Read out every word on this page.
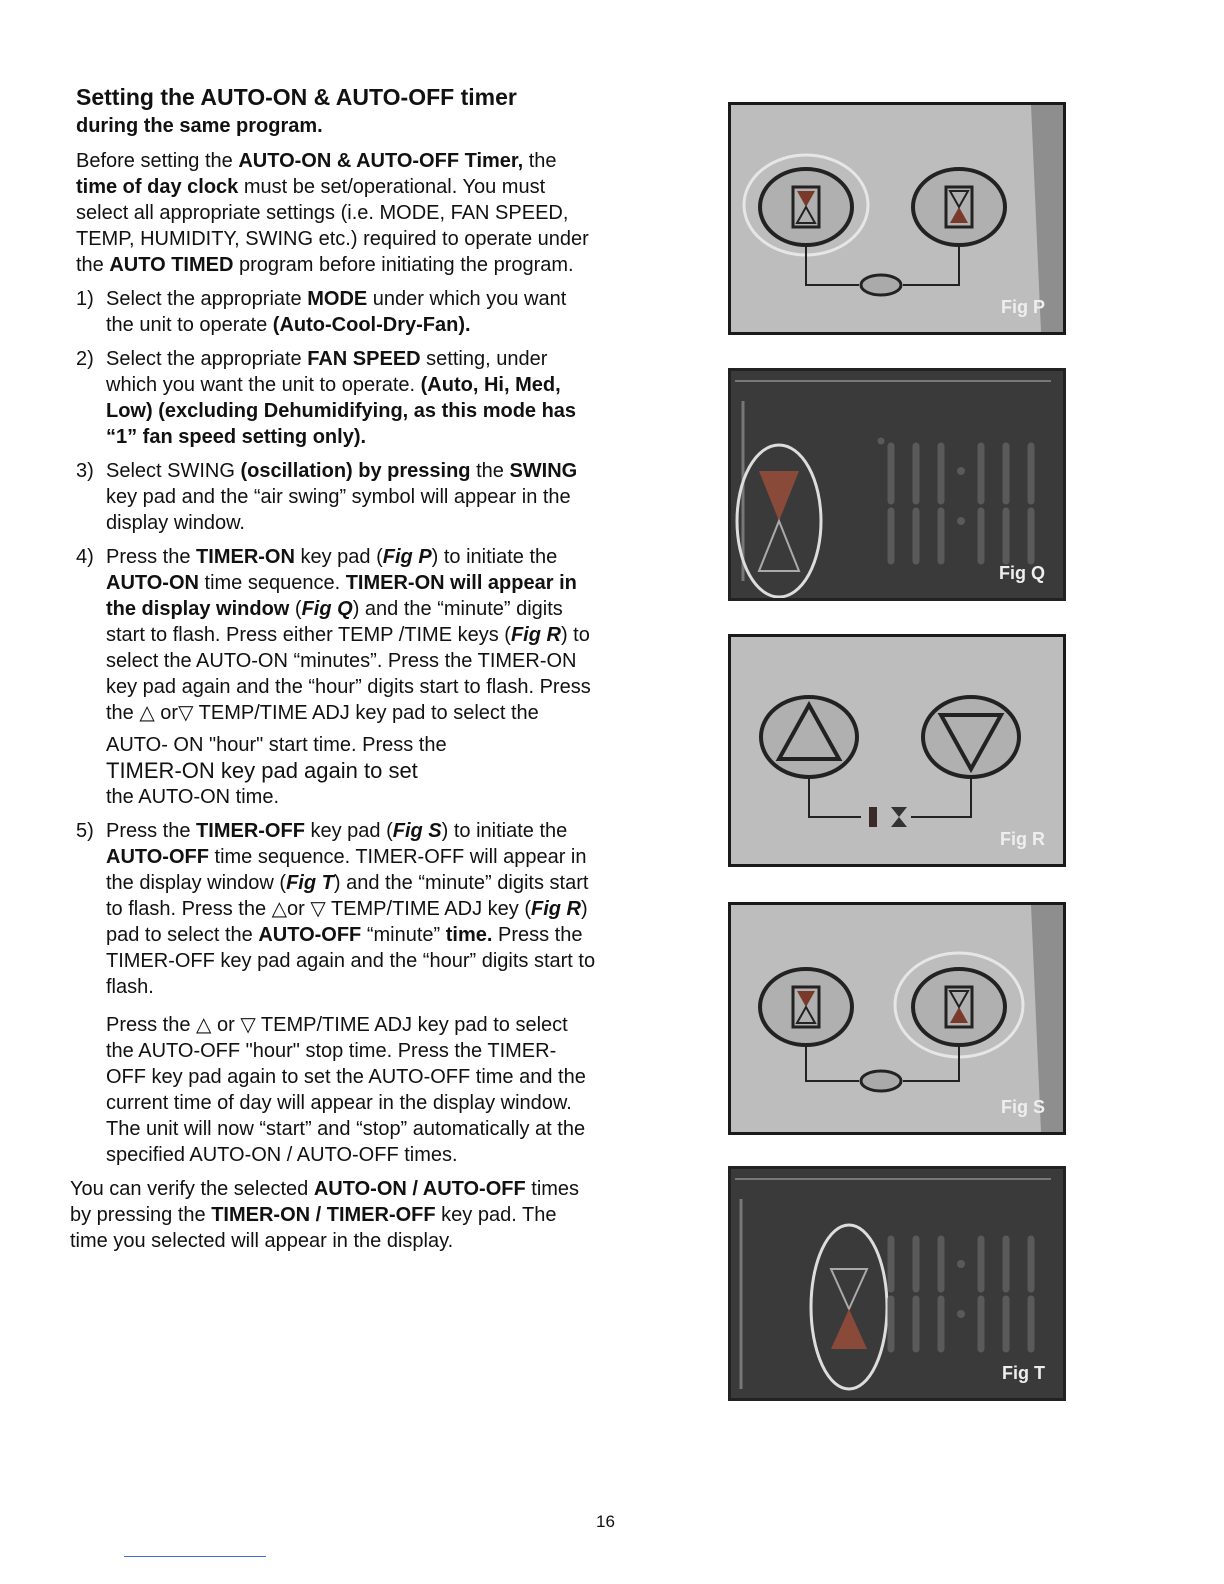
Setting the AUTO-ON & AUTO-OFF timer
during the same program.

Before setting the AUTO-ON & AUTO-OFF Timer, the time of day clock must be set/operational. You must select all appropriate settings (i.e. MODE, FAN SPEED, TEMP, HUMIDITY, SWING etc.) required to operate under the AUTO TIMED program before initiating the program.

1) Select the appropriate MODE under which you want the unit to operate (Auto-Cool-Dry-Fan).
2) Select the appropriate FAN SPEED setting, under which you want the unit to operate. (Auto, Hi, Med, Low) (excluding Dehumidifying, as this mode has “1” fan speed setting only).
3) Select SWING (oscillation) by pressing the SWING key pad and the “air swing” symbol will appear in the display window.
4) Press the TIMER-ON key pad (Fig P) to initiate the AUTO-ON time sequence. TIMER-ON will appear in the display window (Fig Q) and the “minute” digits start to flash. Press either TEMP /TIME keys (Fig R) to select the AUTO-ON “minutes”. Press the TIMER-ON key pad again and the “hour” digits start to flash. Press the △ or▽ TEMP/TIME ADJ key pad to select the
AUTO- ON "hour" start time. Press the
TIMER-ON key pad again to set
the AUTO-ON time.
5) Press the TIMER-OFF key pad (Fig S) to initiate the AUTO-OFF time sequence. TIMER-OFF will appear in the display window (Fig T) and the “minute” digits start to flash. Press the △or ▽ TEMP/TIME ADJ key (Fig R) pad to select the AUTO-OFF “minute” time. Press the TIMER-OFF key pad again and the “hour” digits start to flash.
Press the △ or ▽ TEMP/TIME ADJ key pad to select the AUTO-OFF "hour" stop time. Press the TIMER-OFF key pad again to set the AUTO-OFF time and the current time of day will appear in the display window. The unit will now “start” and “stop” automatically at the specified AUTO-ON / AUTO-OFF times.

You can verify the selected AUTO-ON / AUTO-OFF times by pressing the TIMER-ON / TIMER-OFF key pad. The time you selected will appear in the display.

Fig P
Fig Q
Fig R
Fig S
Fig T
16
